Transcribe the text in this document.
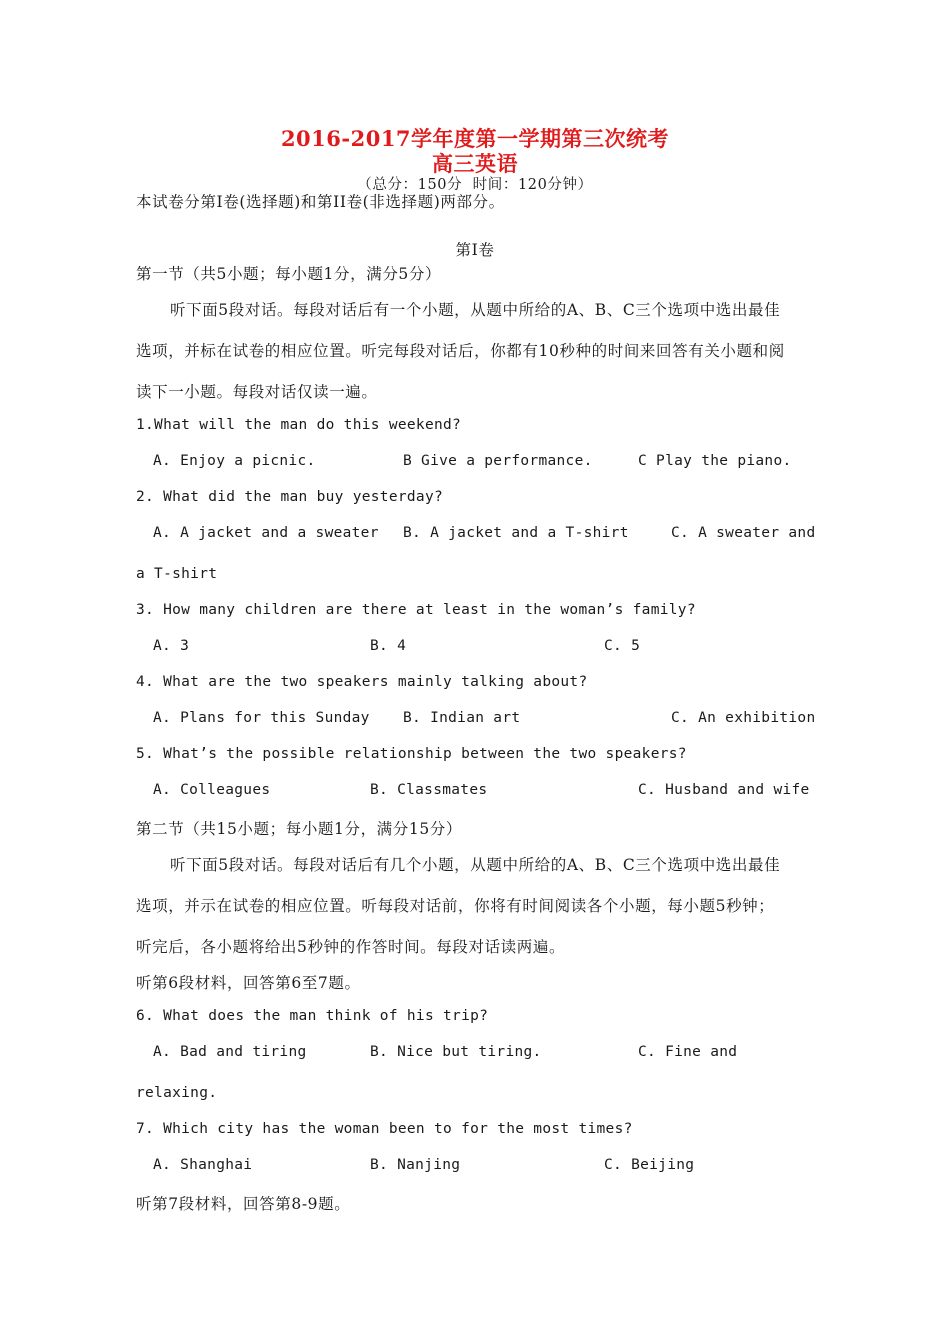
2016-2017学年度第一学期第三次统考
高三英语
（总分：150分  时间：120分钟）
本试卷分第I卷(选择题)和第II卷(非选择题)两部分。
第I卷
第一节（共5小题；每小题1分，满分5分）
听下面5段对话。每段对话后有一个小题，从题中所给的A、B、C三个选项中选出最佳
选项，并标在试卷的相应位置。听完每段对话后，你都有10秒种的时间来回答有关小题和阅
读下一小题。每段对话仅读一遍。
1.What will the man do this weekend?
A. Enjoy a picnic.	B Give a performance.	C Play the piano.
2. What did the man buy yesterday?
A. A jacket and a sweater B. A jacket and a T-shirt	C. A sweater and
a T-shirt
3. How many children are there at least in the woman’s family?
A. 3	B. 4	C. 5
4. What are the two speakers mainly talking about?
A. Plans for this Sunday B. Indian art	C. An exhibition
5. What’s the possible relationship between the two speakers?
A. Colleagues	B. Classmates	C. Husband and wife
第二节（共15小题；每小题1分，满分15分）
听下面5段对话。每段对话后有几个小题，从题中所给的A、B、C三个选项中选出最佳
选项，并示在试卷的相应位置。听每段对话前，你将有时间阅读各个小题，每小题5秒钟；
听完后，各小题将给出5秒钟的作答时间。每段对话读两遍。
听第6段材料，回答第6至7题。
6. What does the man think of his trip?
A. Bad and tiring	B. Nice but tiring.	C. Fine and
relaxing.
7. Which city has the woman been to for the most times?
A. Shanghai	B. Nanjing	C. Beijing
听第7段材料，回答第8-9题。
